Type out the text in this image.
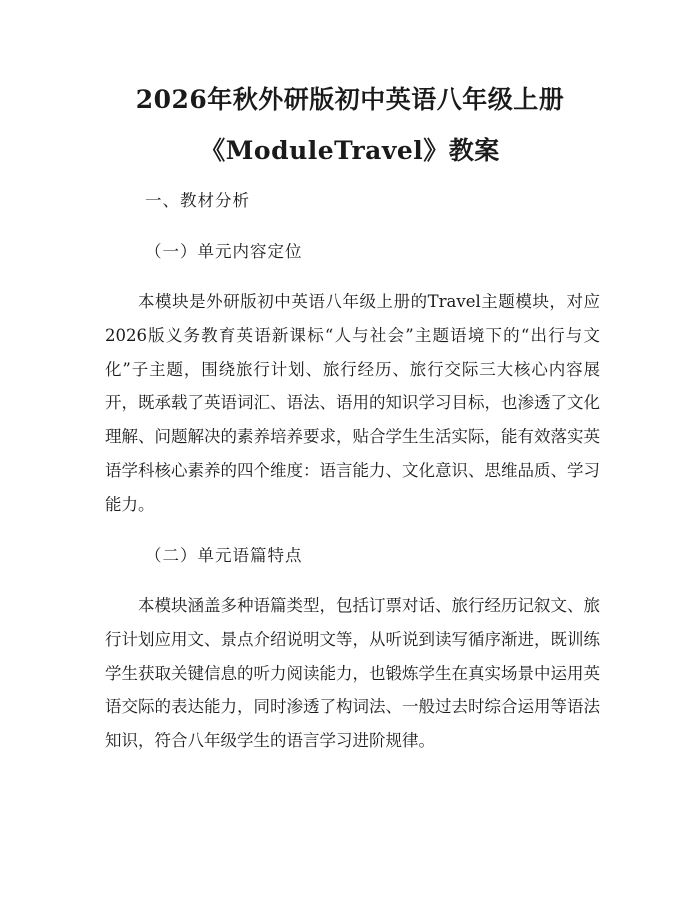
2026年秋外研版初中英语八年级上册
《ModuleTravel》教案
一、教材分析
（一）单元内容定位

本模块是外研版初中英语八年级上册的Travel主题模块，对应2026版义务教育英语新课标“人与社会”主题语境下的“出行与文化”子主题，围绕旅行计划、旅行经历、旅行交际三大核心内容展开，既承载了英语词汇、语法、语用的知识学习目标，也渗透了文化理解、问题解决的素养培养要求，贴合学生生活实际，能有效落实英语学科核心素养的四个维度：语言能力、文化意识、思维品质、学习能力。

（二）单元语篇特点

本模块涵盖多种语篇类型，包括订票对话、旅行经历记叙文、旅行计划应用文、景点介绍说明文等，从听说到读写循序渐进，既训练学生获取关键信息的听力阅读能力，也锻炼学生在真实场景中运用英语交际的表达能力，同时渗透了构词法、一般过去时综合运用等语法知识，符合八年级学生的语言学习进阶规律。
